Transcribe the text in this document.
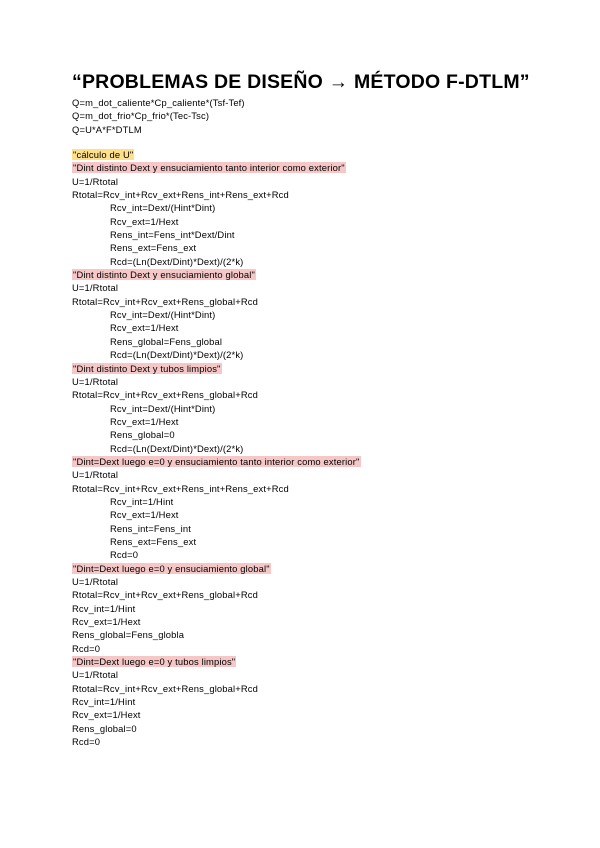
“PROBLEMAS DE DISEÑO → MÉTODO F-DTLM”
Q=m_dot_caliente*Cp_caliente*(Tsf-Tef)
Q=m_dot_frio*Cp_frio*(Tec-Tsc)
Q=U*A*F*DTLM
"cálculo de U"
"Dint distinto Dext y ensuciamiento tanto interior como exterior"
U=1/Rtotal
Rtotal=Rcv_int+Rcv_ext+Rens_int+Rens_ext+Rcd
Rcv_int=Dext/(Hint*Dint)
Rcv_ext=1/Hext
Rens_int=Fens_int*Dext/Dint
Rens_ext=Fens_ext
Rcd=(Ln(Dext/Dint)*Dext)/(2*k)
"Dint distinto Dext y ensuciamiento global"
U=1/Rtotal
Rtotal=Rcv_int+Rcv_ext+Rens_global+Rcd
Rcv_int=Dext/(Hint*Dint)
Rcv_ext=1/Hext
Rens_global=Fens_global
Rcd=(Ln(Dext/Dint)*Dext)/(2*k)
"Dint distinto Dext y tubos limpios"
U=1/Rtotal
Rtotal=Rcv_int+Rcv_ext+Rens_global+Rcd
Rcv_int=Dext/(Hint*Dint)
Rcv_ext=1/Hext
Rens_global=0
Rcd=(Ln(Dext/Dint)*Dext)/(2*k)
"Dint=Dext luego e=0 y ensuciamiento tanto interior como exterior"
U=1/Rtotal
Rtotal=Rcv_int+Rcv_ext+Rens_int+Rens_ext+Rcd
Rcv_int=1/Hint
Rcv_ext=1/Hext
Rens_int=Fens_int
Rens_ext=Fens_ext
Rcd=0
"Dint=Dext luego e=0 y ensuciamiento global"
U=1/Rtotal
Rtotal=Rcv_int+Rcv_ext+Rens_global+Rcd
Rcv_int=1/Hint
Rcv_ext=1/Hext
Rens_global=Fens_globla
Rcd=0
"Dint=Dext luego e=0 y tubos limpios"
U=1/Rtotal
Rtotal=Rcv_int+Rcv_ext+Rens_global+Rcd
Rcv_int=1/Hint
Rcv_ext=1/Hext
Rens_global=0
Rcd=0
